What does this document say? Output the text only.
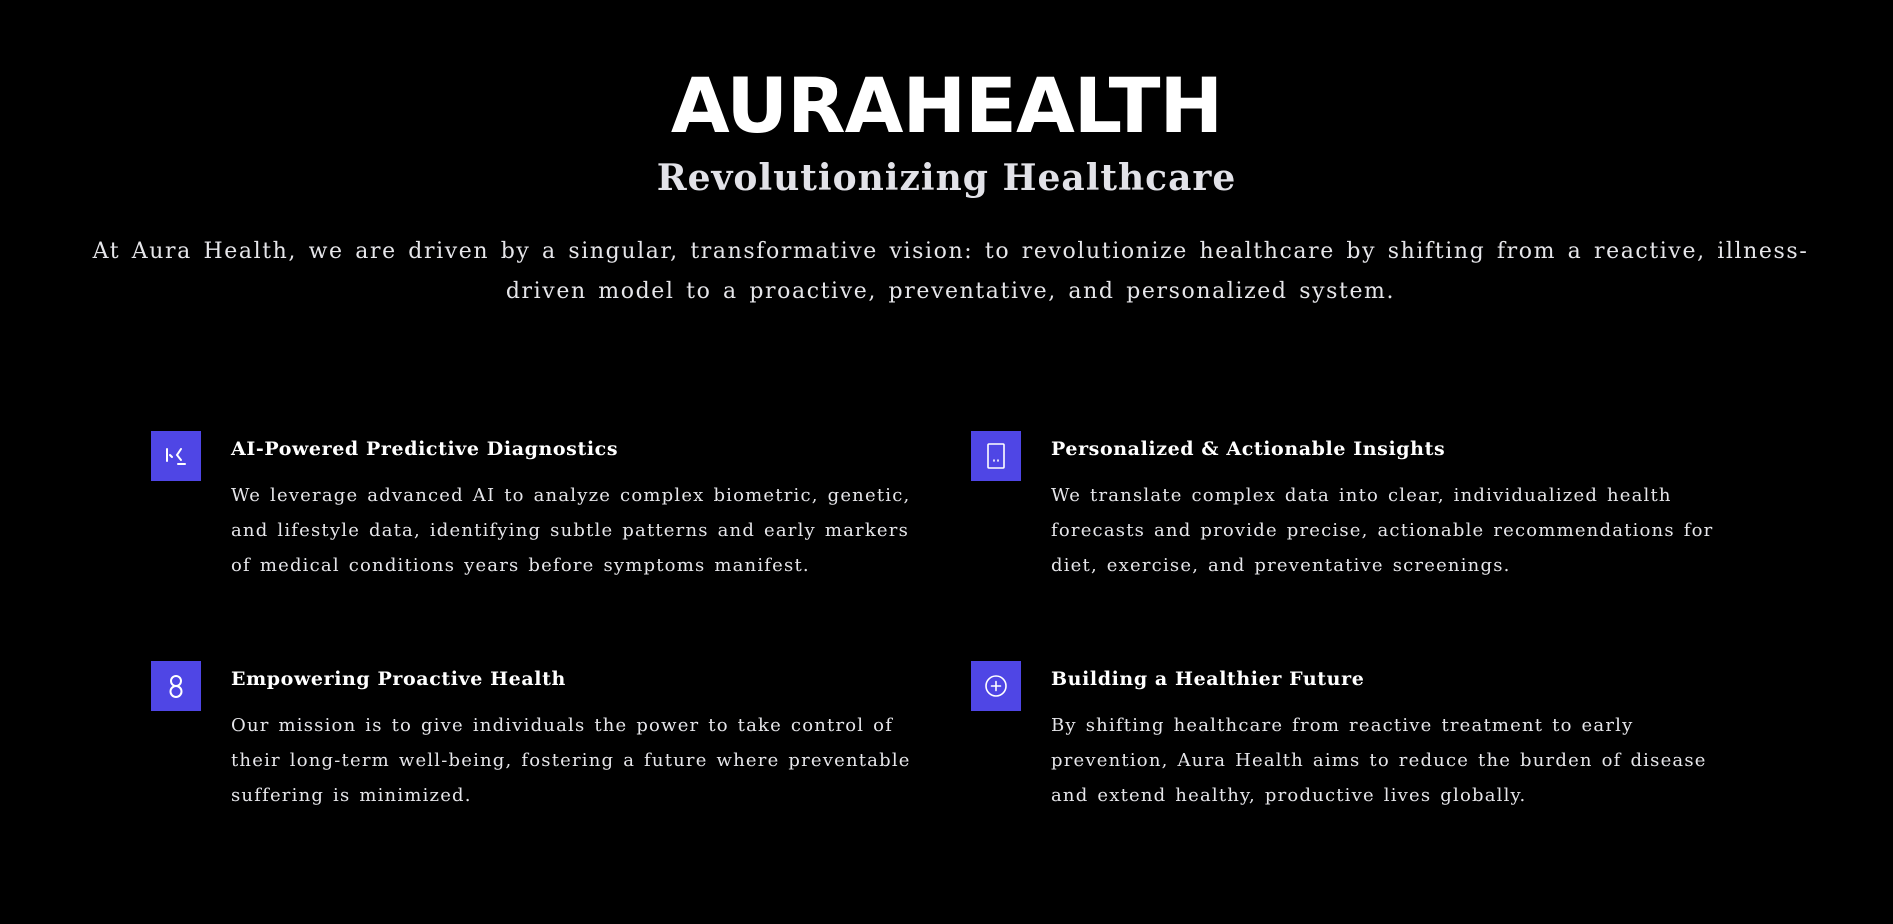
AURAHEALTH
Revolutionizing Healthcare
At Aura Health, we are driven by a singular, transformative vision: to revolutionize healthcare by shifting from a reactive, illness-driven model to a proactive, preventative, and personalized system.
AI-Powered Predictive Diagnostics
We leverage advanced AI to analyze complex biometric, genetic, and lifestyle data, identifying subtle patterns and early markers of medical conditions years before symptoms manifest.
Personalized & Actionable Insights
We translate complex data into clear, individualized health forecasts and provide precise, actionable recommendations for diet, exercise, and preventative screenings.
Empowering Proactive Health
Our mission is to give individuals the power to take control of their long-term well-being, fostering a future where preventable suffering is minimized.
Building a Healthier Future
By shifting healthcare from reactive treatment to early prevention, Aura Health aims to reduce the burden of disease and extend healthy, productive lives globally.
